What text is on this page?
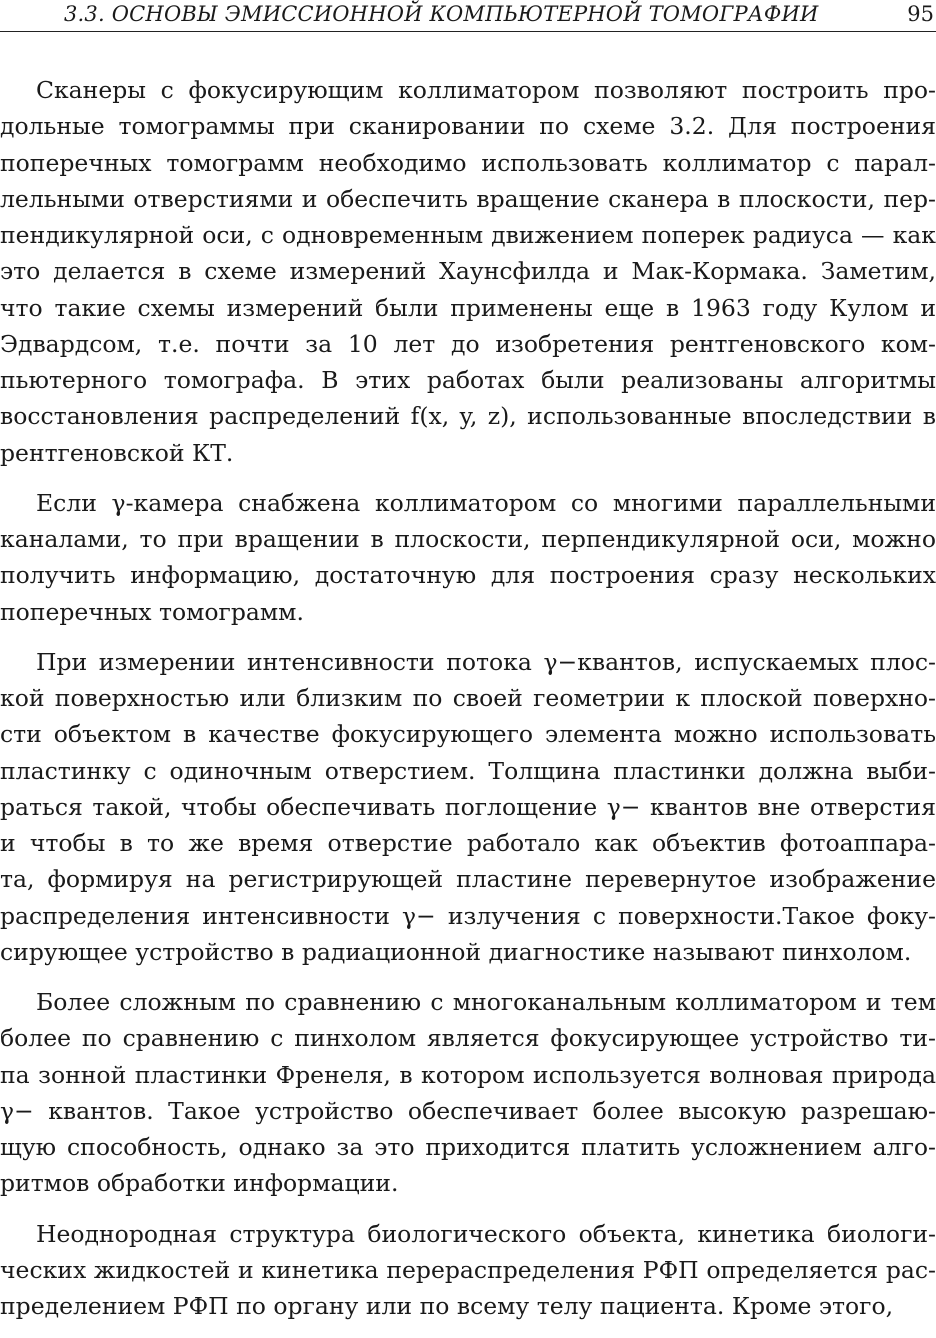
3.3. ОСНОВЫ ЭМИССИОННОЙ КОМПЬЮТЕРНОЙ ТОМОГРАФИИ	95
Сканеры с фокусирующим коллиматором позволяют построить про-
дольные томограммы при сканировании по схеме 3.2. Для построения
поперечных томограмм необходимо использовать коллиматор с парал-
лельными отверстиями и обеспечить вращение сканера в плоскости, пер-
пендикулярной оси, с одновременным движением поперек радиуса — как
это делается в схеме измерений Хаунсфилда и Мак-Кормака. Заметим,
что такие схемы измерений были применены еще в 1963 году Кулом и
Эдвардсом, т.е. почти за 10 лет до изобретения рентгеновского ком-
пьютерного томографа. В этих работах были реализованы алгоритмы
восстановления распределений f(x, y, z), использованные впоследствии в
рентгеновской КТ.
Если γ-камера снабжена коллиматором со многими параллельными
каналами, то при вращении в плоскости, перпендикулярной оси, можно
получить информацию, достаточную для построения сразу нескольких
поперечных томограмм.
При измерении интенсивности потока γ−квантов, испускаемых плос-
кой поверхностью или близким по своей геометрии к плоской поверхно-
сти объектом в качестве фокусирующего элемента можно использовать
пластинку с одиночным отверстием. Толщина пластинки должна выби-
раться такой, чтобы обеспечивать поглощение γ− квантов вне отверстия
и чтобы в то же время отверстие работало как объектив фотоаппара-
та, формируя на регистрирующей пластине перевернутое изображение
распределения интенсивности γ− излучения с поверхности.Такое фоку-
сирующее устройство в радиационной диагностике называют пинхолом.
Более сложным по сравнению с многоканальным коллиматором и тем
более по сравнению с пинхолом является фокусирующее устройство ти-
па зонной пластинки Френеля, в котором используется волновая природа
γ− квантов. Такое устройство обеспечивает более высокую разрешаю-
щую способность, однако за это приходится платить усложнением алго-
ритмов обработки информации.
Неоднородная структура биологического объекта, кинетика биологи-
ческих жидкостей и кинетика перераспределения РФП определяется рас-
пределением РФП по органу или по всему телу пациента. Кроме этого,
